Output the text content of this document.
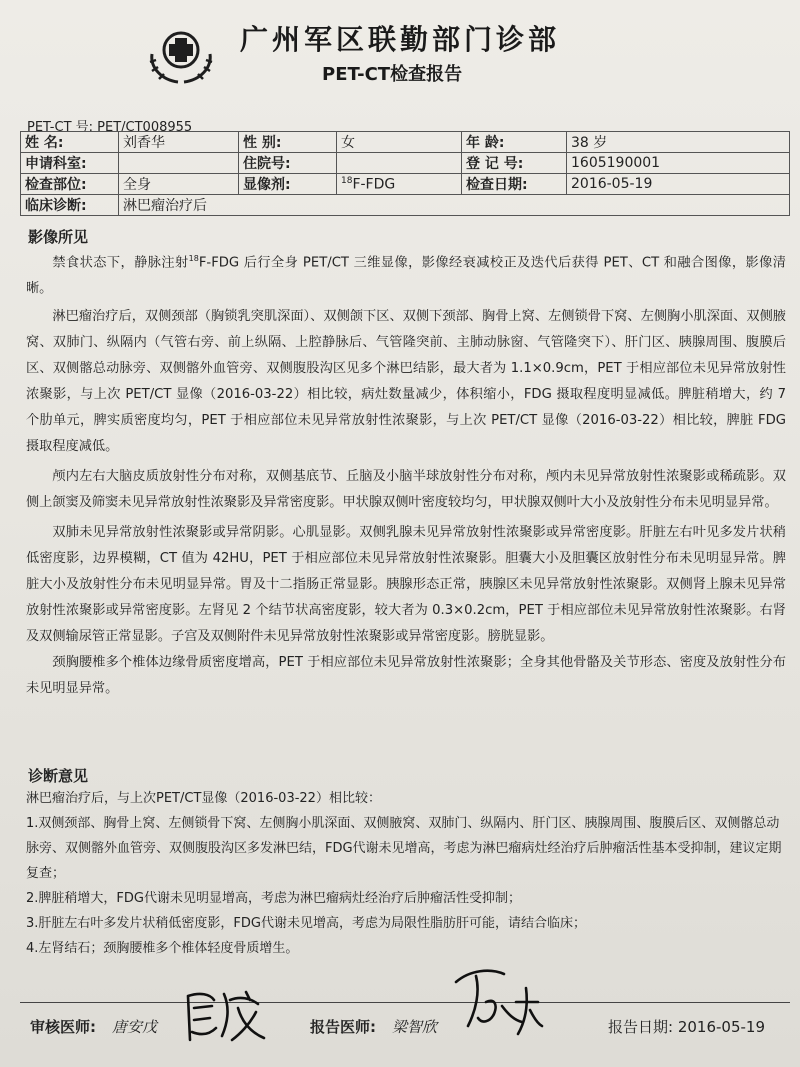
广州军区联勤部门诊部
PET-CT检查报告
PET-CT 号: PET/CT008955
姓 名:	刘香华	性 别:	女	年 龄:	38 岁
申请科室:		住院号:		登 记 号:	1605190001
检查部位:	全身	显像剂:	$^{18}$F-FDG	检查日期:	2016-05-19
临床诊断:	淋巴瘤治疗后				
影像所见

禁食状态下，静脉注射$^{18}$F-FDG 后行全身 PET/CT 三维显像，影像经衰减校正及迭代后获得 PET、CT 和融合图像，影像清晰。

淋巴瘤治疗后，双侧颈部（胸锁乳突肌深面）、双侧颌下区、双侧下颈部、胸骨上窝、左侧锁骨下窝、左侧胸小肌深面、双侧腋窝、双肺门、纵隔内（气管右旁、前上纵隔、上腔静脉后、气管隆突前、主肺动脉窗、气管隆突下）、肝门区、胰腺周围、腹膜后区、双侧髂总动脉旁、双侧髂外血管旁、双侧腹股沟区见多个淋巴结影，最大者为 1.1×0.9cm，PET 于相应部位未见异常放射性浓聚影，与上次 PET/CT 显像（2016-03-22）相比较，病灶数量减少，体积缩小，FDG 摄取程度明显减低。脾脏稍增大，约 7 个肋单元，脾实质密度均匀，PET 于相应部位未见异常放射性浓聚影，与上次 PET/CT 显像（2016-03-22）相比较，脾脏 FDG 摄取程度减低。

颅内左右大脑皮质放射性分布对称，双侧基底节、丘脑及小脑半球放射性分布对称，颅内未见异常放射性浓聚影或稀疏影。双侧上颌窦及筛窦未见异常放射性浓聚影及异常密度影。甲状腺双侧叶密度较均匀，甲状腺双侧叶大小及放射性分布未见明显异常。

双肺未见异常放射性浓聚影或异常阴影。心肌显影。双侧乳腺未见异常放射性浓聚影或异常密度影。肝脏左右叶见多发片状稍低密度影，边界模糊，CT 值为 42HU，PET 于相应部位未见异常放射性浓聚影。胆囊大小及胆囊区放射性分布未见明显异常。脾脏大小及放射性分布未见明显异常。胃及十二指肠正常显影。胰腺形态正常，胰腺区未见异常放射性浓聚影。双侧肾上腺未见异常放射性浓聚影或异常密度影。左肾见 2 个结节状高密度影，较大者为 0.3×0.2cm，PET 于相应部位未见异常放射性浓聚影。右肾及双侧输尿管正常显影。子宫及双侧附件未见异常放射性浓聚影或异常密度影。膀胱显影。

颈胸腰椎多个椎体边缘骨质密度增高，PET 于相应部位未见异常放射性浓聚影；全身其他骨骼及关节形态、密度及放射性分布未见明显异常。

诊断意见

淋巴瘤治疗后，与上次PET/CT显像（2016-03-22）相比较：

1.双侧颈部、胸骨上窝、左侧锁骨下窝、左侧胸小肌深面、双侧腋窝、双肺门、纵隔内、肝门区、胰腺周围、腹膜后区、双侧髂总动脉旁、双侧髂外血管旁、双侧腹股沟区多发淋巴结，FDG代谢未见增高，考虑为淋巴瘤病灶经治疗后肿瘤活性基本受抑制，建议定期复查；

2.脾脏稍增大，FDG代谢未见明显增高，考虑为淋巴瘤病灶经治疗后肿瘤活性受抑制；

3.肝脏左右叶多发片状稍低密度影，FDG代谢未见增高，考虑为局限性脂肪肝可能，请结合临床；

4.左肾结石；颈胸腰椎多个椎体轻度骨质增生。

审核医师: 唐安戊	报告医师: 梁智欣	报告日期: 2016-05-19
